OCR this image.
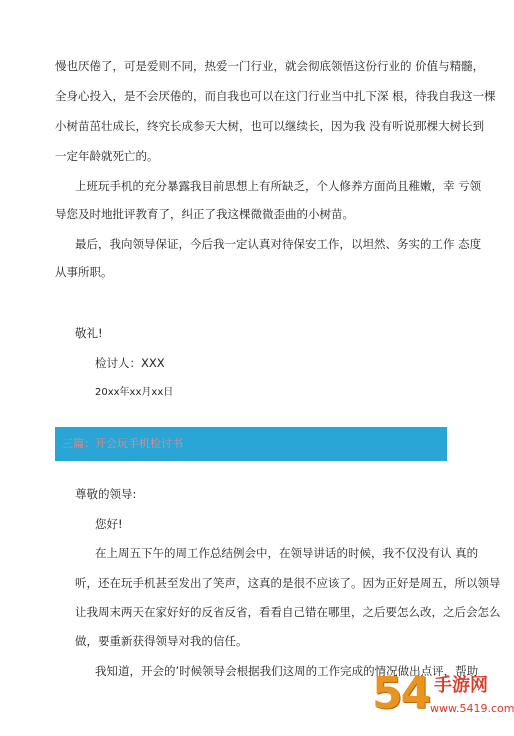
慢也厌倦了，可是爱则不同，热爱一门行业，就会彻底领悟这份行业的 价值与精髓，
全身心投入，是不会厌倦的，而自我也可以在这门行业当中扎下深 根，待我自我这一棵
小树苗茁壮成长，终究长成参天大树，也可以继续长，因为我 没有听说那棵大树长到
一定年龄就死亡的。
上班玩手机的充分暴露我目前思想上有所缺乏，个人修养方面尚且稚嫩，幸 亏领
导您及时地批评教育了，纠正了我这棵微微歪曲的小树苗。
最后，我向领导保证，今后我一定认真对待保安工作，以坦然、务实的工作 态度
从事所职。
敬礼!
检讨人：XXX
20xx年xx月xx日
三篇：开会玩手机检讨书
尊敬的领导:
您好!
在上周五下午的周工作总结例会中，在领导讲话的时候，我不仅没有认 真的
听，还在玩手机甚至发出了笑声，这真的是很不应该了。因为正好是周五，所以领导
让我周末两天在家好好的反省反省，看看自己错在哪里，之后要怎么改，之后会怎么
做，要重新获得领导对我的信任。
我知道，开会的’时候领导会根据我们这周的工作完成的情况做出点评，帮助
54 手游网
www.5419.com
